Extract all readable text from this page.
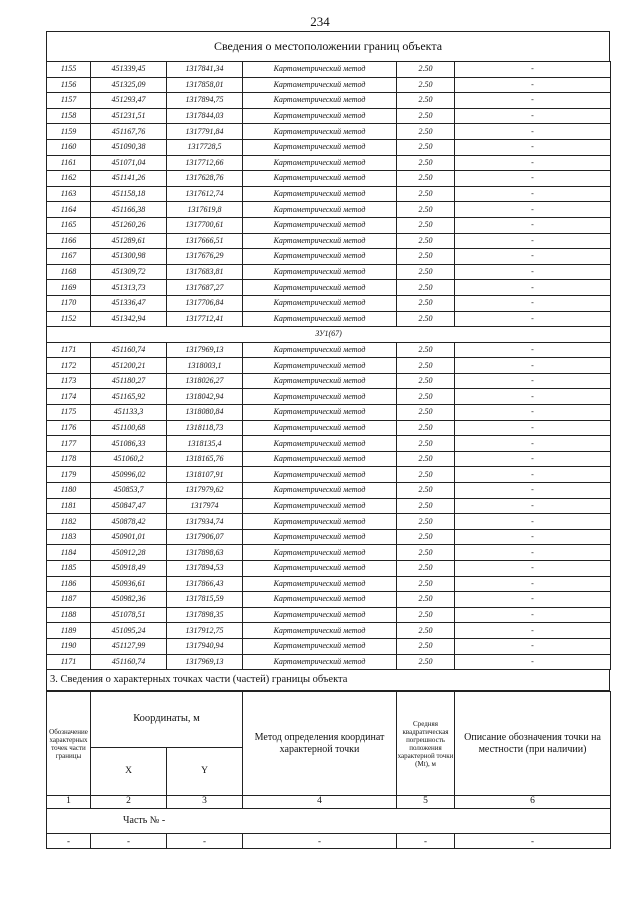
234
Сведения о местоположении границ объекта
1155	451339,45	1317841,34	Картометрический метод	2.50	-
1156	451325,09	1317858,01	Картометрический метод	2.50	-
1157	451293,47	1317894,75	Картометрический метод	2.50	-
1158	451231,51	1317844,03	Картометрический метод	2.50	-
1159	451167,76	1317791,84	Картометрический метод	2.50	-
1160	451090,38	1317728,5	Картометрический метод	2.50	-
1161	451071,04	1317712,66	Картометрический метод	2.50	-
1162	451141,26	1317628,76	Картометрический метод	2.50	-
1163	451158,18	1317612,74	Картометрический метод	2.50	-
1164	451166,38	1317619,8	Картометрический метод	2.50	-
1165	451260,26	1317700,61	Картометрический метод	2.50	-
1166	451289,61	1317666,51	Картометрический метод	2.50	-
1167	451300,98	1317676,29	Картометрический метод	2.50	-
1168	451309,72	1317683,81	Картометрический метод	2.50	-
1169	451313,73	1317687,27	Картометрический метод	2.50	-
1170	451336,47	1317706,84	Картометрический метод	2.50	-
1152	451342,94	1317712,41	Картометрический метод	2.50	-
ЗУ1(67)					
1171	451160,74	1317969,13	Картометрический метод	2.50	-
1172	451200,21	1318003,1	Картометрический метод	2.50	-
1173	451180,27	1318026,27	Картометрический метод	2.50	-
1174	451165,92	1318042,94	Картометрический метод	2.50	-
1175	451133,3	1318080,84	Картометрический метод	2.50	-
1176	451100,68	1318118,73	Картометрический метод	2.50	-
1177	451086,33	1318135,4	Картометрический метод	2.50	-
1178	451060,2	1318165,76	Картометрический метод	2.50	-
1179	450996,02	1318107,91	Картометрический метод	2.50	-
1180	450853,7	1317979,62	Картометрический метод	2.50	-
1181	450847,47	1317974	Картометрический метод	2.50	-
1182	450878,42	1317934,74	Картометрический метод	2.50	-
1183	450901,01	1317906,07	Картометрический метод	2.50	-
1184	450912,28	1317898,63	Картометрический метод	2.50	-
1185	450918,49	1317894,53	Картометрический метод	2.50	-
1186	450936,61	1317866,43	Картометрический метод	2.50	-
1187	450982,36	1317815,59	Картометрический метод	2.50	-
1188	451078,51	1317898,35	Картометрический метод	2.50	-
1189	451095,24	1317912,75	Картометрический метод	2.50	-
1190	451127,99	1317940,94	Картометрический метод	2.50	-
1171	451160,74	1317969,13	Картометрический метод	2.50	-
3. Сведения о характерных точках части (частей) границы объекта
Обозначение характерных точек части границы	Координаты, м		Метод определения координат характерной точки	Средняя квадратическая погрешность положения характерной точки (Mt), м	Описание обозначения точки на местности (при наличии)
	X	Y			
1	2	3	4	5	6
Часть № -					
-	-	-	-	-	-
